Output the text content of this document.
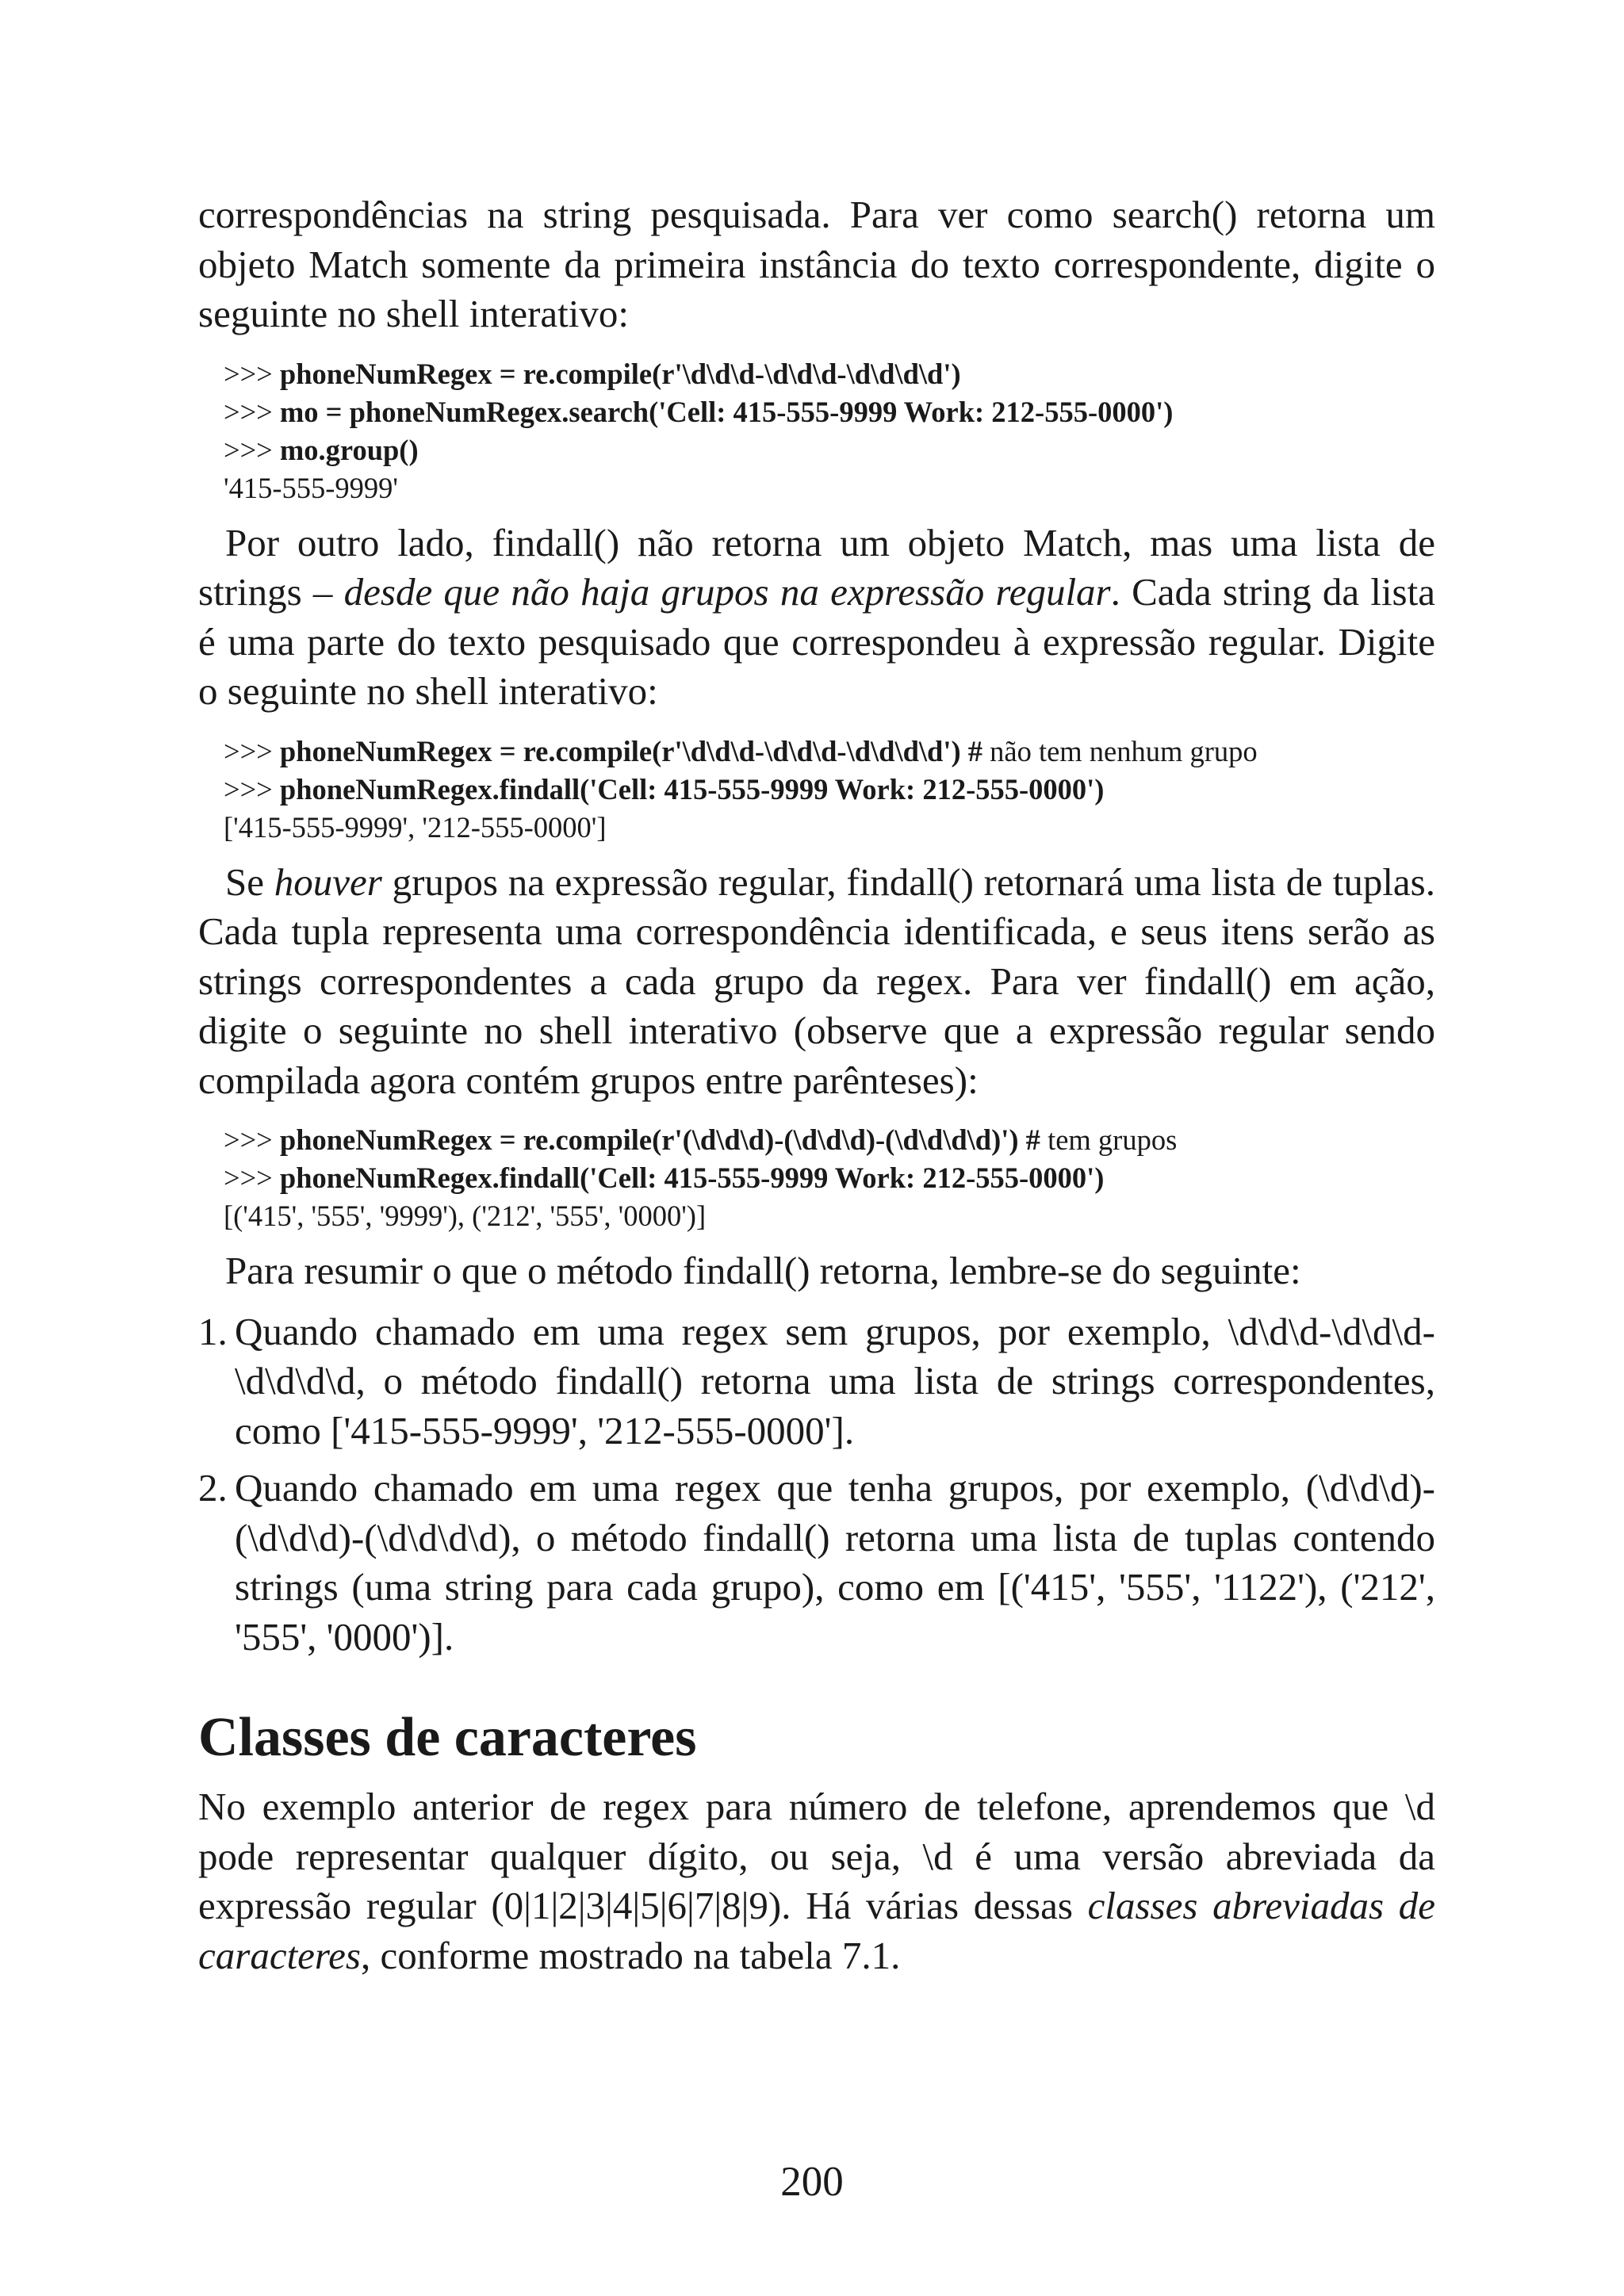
correspondências na string pesquisada. Para ver como search() retorna um objeto Match somente da primeira instância do texto correspondente, digite o seguinte no shell interativo:

>>> phoneNumRegex = re.compile(r'\d\d\d-\d\d\d-\d\d\d\d')
>>> mo = phoneNumRegex.search('Cell: 415-555-9999 Work: 212-555-0000')
>>> mo.group()
'415-555-9999'

Por outro lado, findall() não retorna um objeto Match, mas uma lista de strings – desde que não haja grupos na expressão regular. Cada string da lista é uma parte do texto pesquisado que correspondeu à expressão regular. Digite o seguinte no shell interativo:

>>> phoneNumRegex = re.compile(r'\d\d\d-\d\d\d-\d\d\d\d') # não tem nenhum grupo
>>> phoneNumRegex.findall('Cell: 415-555-9999 Work: 212-555-0000')
['415-555-9999', '212-555-0000']

Se houver grupos na expressão regular, findall() retornará uma lista de tuplas. Cada tupla representa uma correspondência identificada, e seus itens serão as strings correspondentes a cada grupo da regex. Para ver findall() em ação, digite o seguinte no shell interativo (observe que a expressão regular sendo compilada agora contém grupos entre parênteses):

>>> phoneNumRegex = re.compile(r'(\d\d\d)-(\d\d\d)-(\d\d\d\d)') # tem grupos
>>> phoneNumRegex.findall('Cell: 415-555-9999 Work: 212-555-0000')
[('415', '555', '9999'), ('212', '555', '0000')]

Para resumir o que o método findall() retorna, lembre-se do seguinte:

1. Quando chamado em uma regex sem grupos, por exemplo, \d\d\d-\d\d\d-\d\d\d\d, o método findall() retorna uma lista de strings correspondentes, como ['415-555-9999', '212-555-0000'].
2. Quando chamado em uma regex que tenha grupos, por exemplo, (\d\d\d)-(\d\d\d)-(\d\d\d\d), o método findall() retorna uma lista de tuplas contendo strings (uma string para cada grupo), como em [('415', '555', '1122'), ('212', '555', '0000')].
Classes de caracteres

No exemplo anterior de regex para número de telefone, aprendemos que \d pode representar qualquer dígito, ou seja, \d é uma versão abreviada da expressão regular (0|1|2|3|4|5|6|7|8|9). Há várias dessas classes abreviadas de caracteres, conforme mostrado na tabela 7.1.

200
